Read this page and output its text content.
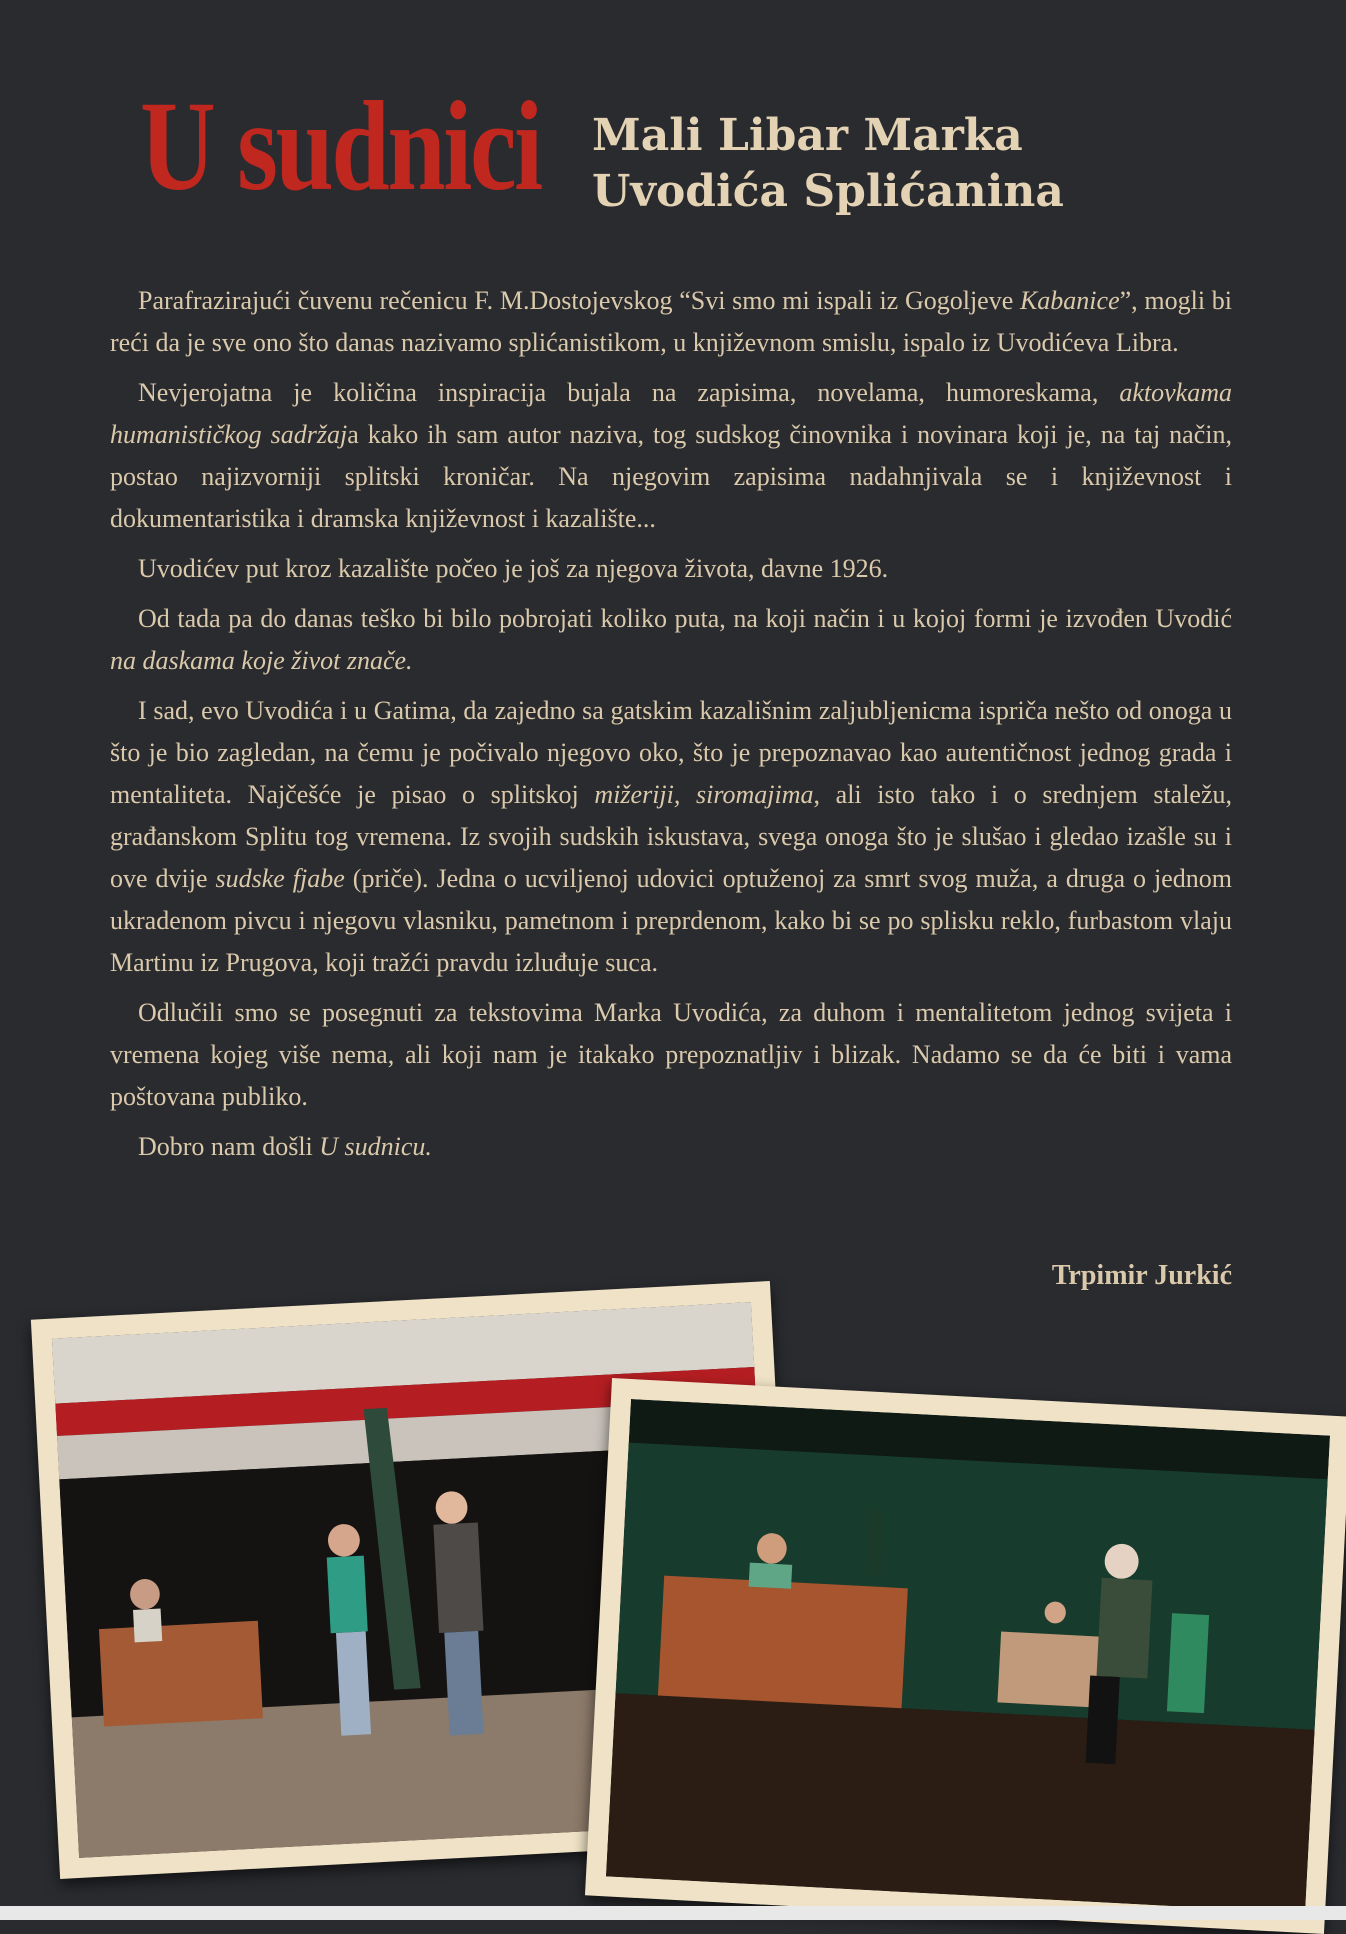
U sudnici Mali Libar Marka
Uvodića Splićanina

Parafrazirajući čuvenu rečenicu F. M.Dostojevskog “Svi smo mi ispali iz Gogoljeve Kabanice”, mogli bi reći da je sve ono što danas nazivamo splićanistikom, u književnom smislu, ispalo iz Uvodićeva Libra.

Nevjerojatna je količina inspiracija bujala na zapisima, novelama, humoreskama, aktovkama humanističkog sadržaja kako ih sam autor naziva, tog sudskog činovnika i novinara koji je, na taj način, postao najizvorniji splitski kroničar. Na njegovim zapisima nadahnjivala se i književnost i dokumentaristika i dramska književnost i kazalište...

Uvodićev put kroz kazalište počeo je još za njegova života, davne 1926.

Od tada pa do danas teško bi bilo pobrojati koliko puta, na koji način i u kojoj formi je izvođen Uvodić na daskama koje život znače.

I sad, evo Uvodića i u Gatima, da zajedno sa gatskim kazališnim zaljubljenicma ispriča nešto od onoga u što je bio zagledan, na čemu je počivalo njegovo oko, što je prepoznavao kao autentičnost jednog grada i mentaliteta. Najčešće je pisao o splitskoj mižeriji, siromajima, ali isto tako i o srednjem staležu, građanskom Splitu tog vremena. Iz svojih sudskih iskustava, svega onoga što je slušao i gledao izašle su i ove dvije sudske fjabe (priče). Jedna o ucviljenoj udovici optuženoj za smrt svog muža, a druga o jednom ukradenom pivcu i njegovu vlasniku, pametnom i preprdenom, kako bi se po splisku reklo, furbastom vlaju Martinu iz Prugova, koji tražći pravdu izluđuje suca.

Odlučili smo se posegnuti za tekstovima Marka Uvodića, za duhom i mentalitetom jednog svijeta i vremena kojeg više nema, ali koji nam je itakako prepoznatljiv i blizak. Nadamo se da će biti i vama poštovana publiko.

Dobro nam došli U sudnicu.

Trpimir Jurkić
